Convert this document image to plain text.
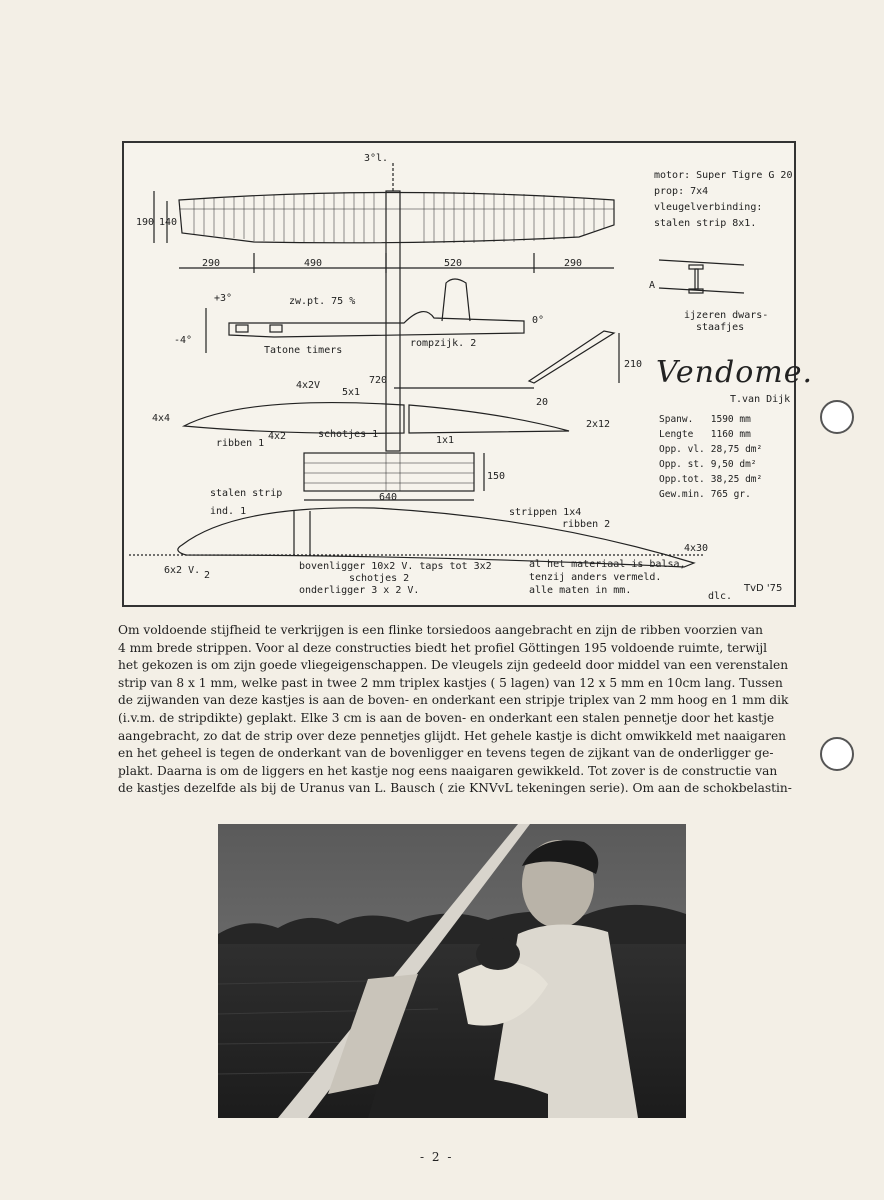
3°l.
190 140
290	490	520	290
zw.pt. 75 %
+3°
-4°
Tatone timers
rompzijk. 2
0°
720
210
20
4x2V
5x1
4x4
ribben 1
4x2	schotjes 1
1x1
2x12
640
150
A
ijzeren dwars-
staafjes
stalen strip
ind. 1	strippen 1x4
ribben 2
4x30
6x2 V. 2
bovenligger 10x2 V. taps tot 3x2
schotjes 2
onderligger 3 x 2 V.
motor: Super Tigre G 20
prop: 7x4
vleugelverbinding:
stalen strip 8x1.
Vendome.
T.van Dijk
Spanw.	1590 mm
Lengte	1160 mm
Opp. vl.	28,75 dm²
Opp. st.	9,50 dm²
Opp.tot.	38,25 dm²
Gew.min.	765 gr.
al het materiaal is balsa,
tenzij anders vermeld.
alle maten in mm.
dlc.
TvD '75
Om voldoende stijfheid te verkrijgen is een flinke torsiedoos aangebracht en zijn de ribben voorzien van
4 mm brede strippen. Voor al deze constructies biedt het profiel Göttingen 195 voldoende ruimte, terwijl
het gekozen is om zijn goede vliegeigenschappen. De vleugels zijn gedeeld door middel van een verenstalen
strip van 8 x 1 mm, welke past in twee 2 mm triplex kastjes ( 5 lagen) van 12 x 5 mm en 10cm lang. Tussen
de zijwanden van deze kastjes is aan de boven- en onderkant een stripje triplex van 2 mm hoog en 1 mm dik
(i.v.m. de stripdikte) geplakt. Elke 3 cm is aan de boven- en onderkant een stalen pennetje door het kastje
aangebracht, zo dat de strip over deze pennetjes glijdt. Het gehele kastje is dicht omwikkeld met naaigaren
en het geheel is tegen de onderkant van de bovenligger en tevens tegen de zijkant van de onderligger ge-
plakt. Daarna is om de liggers en het kastje nog eens naaigaren gewikkeld. Tot zover is de constructie van
de kastjes dezelfde als bij de Uranus van L. Bausch ( zie KNVvL tekeningen serie). Om aan de schokbelastin-
- 2 -
